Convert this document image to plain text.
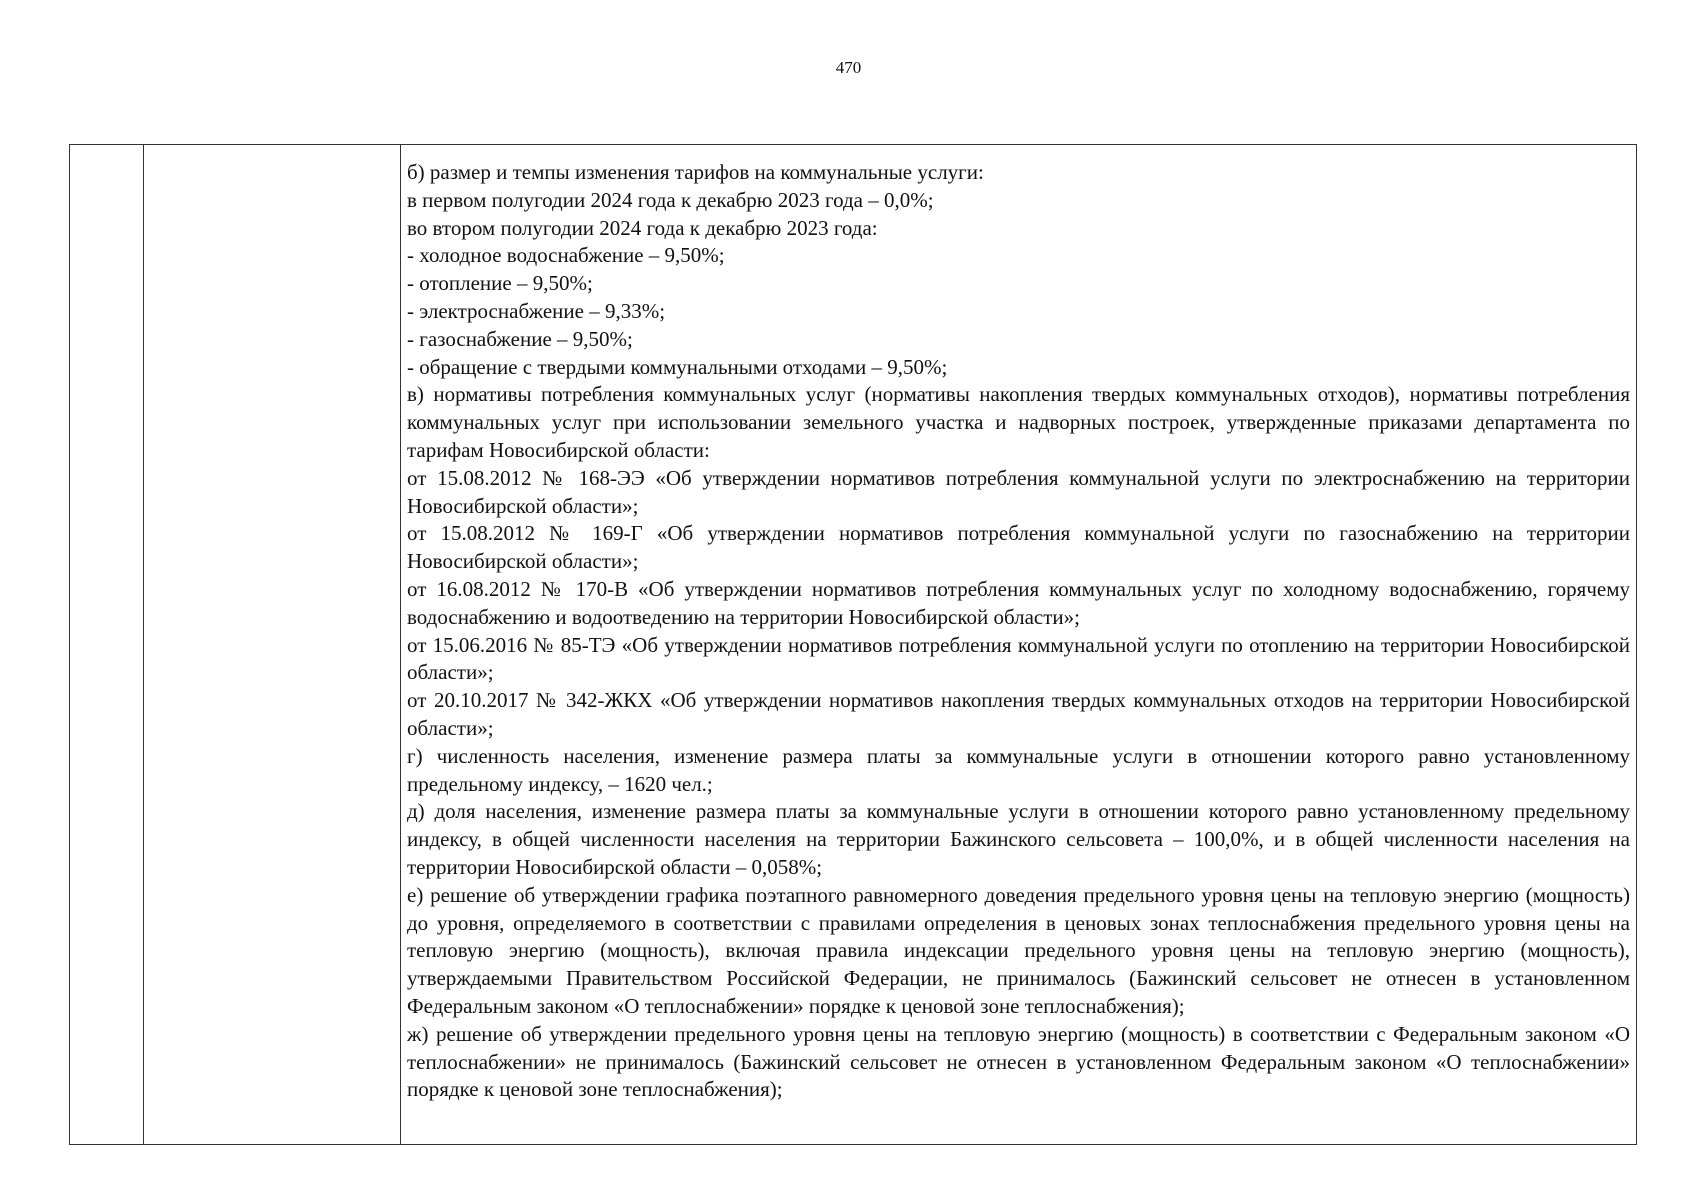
470

б) размер и темпы изменения тарифов на коммунальные услуги:

в первом полугодии 2024 года к декабрю 2023 года – 0,0%;

во втором полугодии 2024 года к декабрю 2023 года:

- холодное водоснабжение – 9,50%;

- отопление – 9,50%;

- электроснабжение – 9,33%;

- газоснабжение – 9,50%;

- обращение с твердыми коммунальными отходами – 9,50%;

в) нормативы потребления коммунальных услуг (нормативы накопления твердых коммунальных отходов), нормативы потребления коммунальных услуг при использовании земельного участка и надворных построек, утвержденные приказами департамента по тарифам Новосибирской области:

от 15.08.2012 № 168-ЭЭ «Об утверждении нормативов потребления коммунальной услуги по электроснабжению на территории Новосибирской области»;

от 15.08.2012 № 169-Г «Об утверждении нормативов потребления коммунальной услуги по газоснабжению на территории Новосибирской области»;

от 16.08.2012 № 170-В «Об утверждении нормативов потребления коммунальных услуг по холодному водоснабжению, горячему водоснабжению и водоотведению на территории Новосибирской области»;

от 15.06.2016 № 85-ТЭ «Об утверждении нормативов потребления коммунальной услуги по отоплению на территории Новосибирской области»;

от 20.10.2017 № 342-ЖКХ «Об утверждении нормативов накопления твердых коммунальных отходов на территории Новосибирской области»;

г) численность населения, изменение размера платы за коммунальные услуги в отношении которого равно установленному предельному индексу, – 1620 чел.;

д) доля населения, изменение размера платы за коммунальные услуги в отношении которого равно установленному предельному индексу, в общей численности населения на территории Бажинского сельсовета – 100,0%, и в общей численности населения на территории Новосибирской области – 0,058%;

е) решение об утверждении графика поэтапного равномерного доведения предельного уровня цены на тепловую энергию (мощность) до уровня, определяемого в соответствии с правилами определения в ценовых зонах теплоснабжения предельного уровня цены на тепловую энергию (мощность), включая правила индексации предельного уровня цены на тепловую энергию (мощность), утверждаемыми Правительством Российской Федерации, не принималось (Бажинский сельсовет не отнесен в установленном Федеральным законом «О теплоснабжении» порядке к ценовой зоне теплоснабжения);

ж) решение об утверждении предельного уровня цены на тепловую энергию (мощность) в соответствии с Федеральным законом «О теплоснабжении» не принималось (Бажинский сельсовет не отнесен в установленном Федеральным законом «О теплоснабжении» порядке к ценовой зоне теплоснабжения);
